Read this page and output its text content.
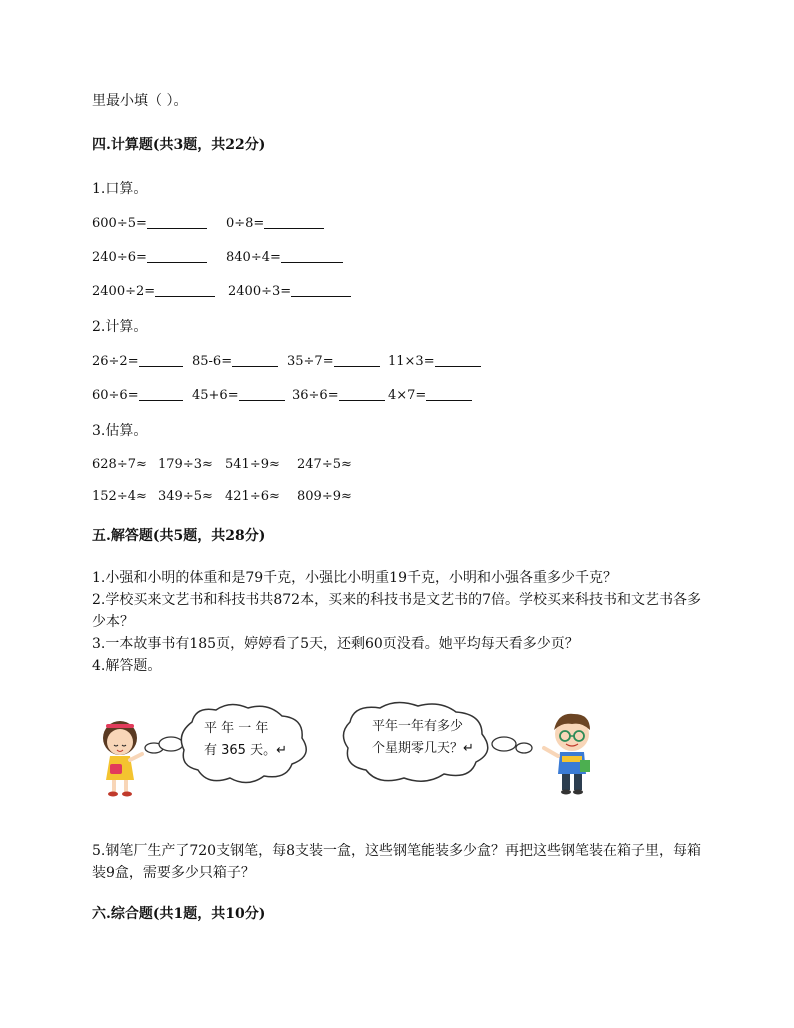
里最小填（ ）。
四.计算题(共3题，共22分)
1.口算。
600÷5=	0÷8=
240÷6=	840÷4=
2400÷2=	2400÷3=
2.计算。
26÷2=	85-6=	35÷7=	11×3=
60÷6=	45+6=	36÷6=	4×7=
3.估算。
628÷7≈ 179÷3≈ 541÷9≈ 247÷5≈
152÷4≈ 349÷5≈ 421÷6≈ 809÷9≈
五.解答题(共5题，共28分)
1.小强和小明的体重和是79千克，小强比小明重19千克，小明和小强各重多少千克？
2.学校买来文艺书和科技书共872本，买来的科技书是文艺书的7倍。学校买来科技书和文艺书各多少本？
3.一本故事书有185页，婷婷看了5天，还剩60页没看。她平均每天看多少页？
4.解答题。
平 年 一 年
有 365 天。↵
平年一年有多少
个星期零几天？↵
5.钢笔厂生产了720支钢笔，每8支装一盒，这些钢笔能装多少盒？再把这些钢笔装在箱子里，每箱装9盒，需要多少只箱子？
六.综合题(共1题，共10分)
